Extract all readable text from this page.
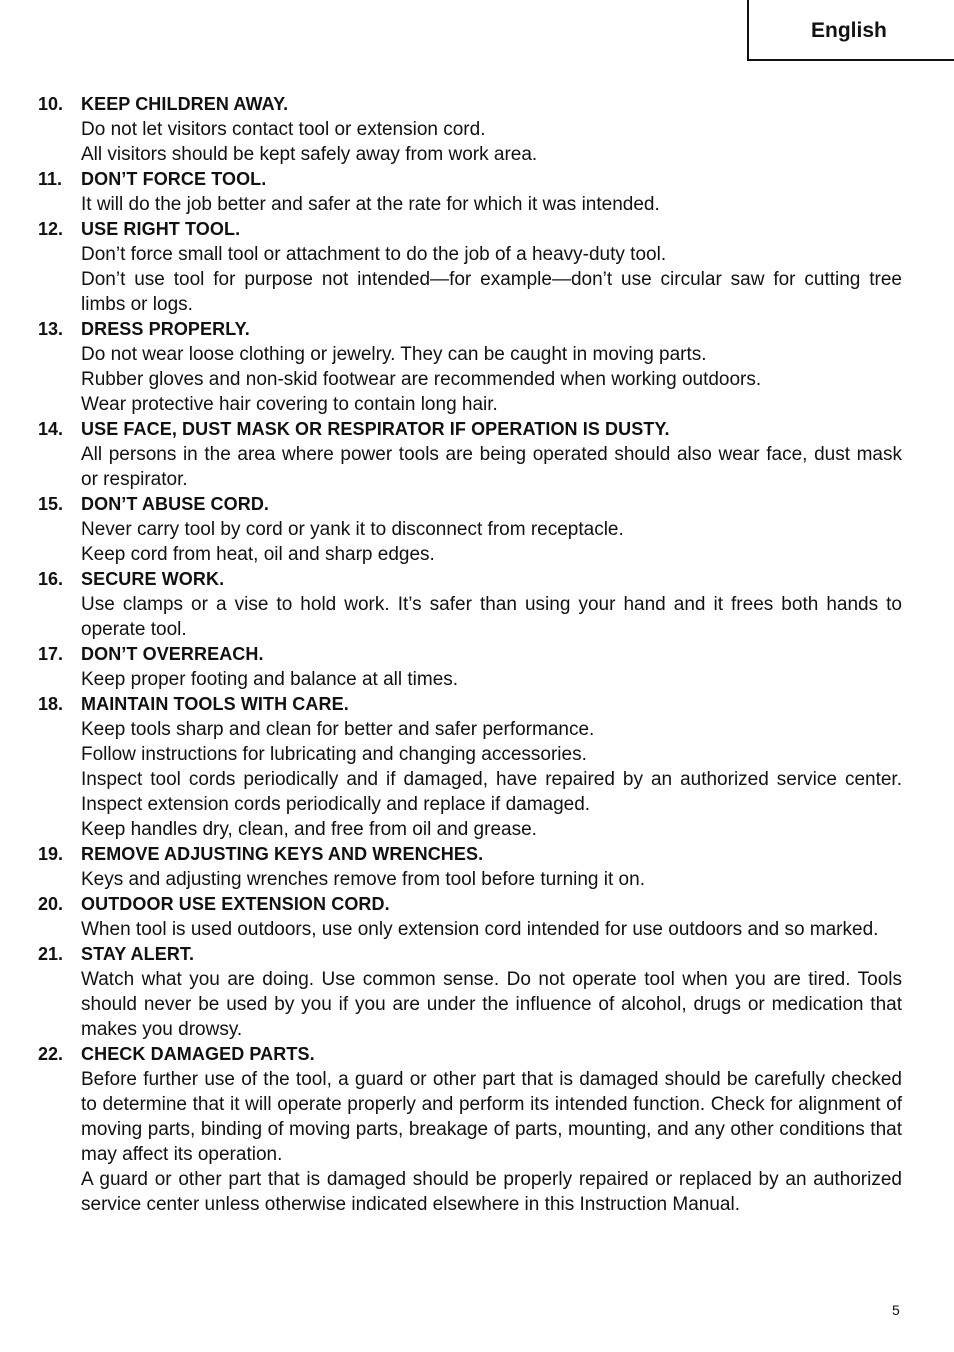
English
10. KEEP CHILDREN AWAY.

Do not let visitors contact tool or extension cord.

All visitors should be kept safely away from work area.

11. DON’T FORCE TOOL.

It will do the job better and safer at the rate for which it was intended.

12. USE RIGHT TOOL.

Don’t force small tool or attachment to do the job of a heavy-duty tool.

Don’t use tool for purpose not intended—for example—don’t use circular saw for cutting tree limbs or logs.

13. DRESS PROPERLY.

Do not wear loose clothing or jewelry. They can be caught in moving parts.

Rubber gloves and non-skid footwear are recommended when working outdoors.

Wear protective hair covering to contain long hair.

14. USE FACE, DUST MASK OR RESPIRATOR IF OPERATION IS DUSTY.

All persons in the area where power tools are being operated should also wear face, dust mask or respirator.

15. DON’T ABUSE CORD.

Never carry tool by cord or yank it to disconnect from receptacle.

Keep cord from heat, oil and sharp edges.

16. SECURE WORK.

Use clamps or a vise to hold work. It’s safer than using your hand and it frees both hands to operate tool.

17. DON’T OVERREACH.

Keep proper footing and balance at all times.

18. MAINTAIN TOOLS WITH CARE.

Keep tools sharp and clean for better and safer performance.

Follow instructions for lubricating and changing accessories.

Inspect tool cords periodically and if damaged, have repaired by an authorized service center. Inspect extension cords periodically and replace if damaged.

Keep handles dry, clean, and free from oil and grease.

19. REMOVE ADJUSTING KEYS AND WRENCHES.

Keys and adjusting wrenches remove from tool before turning it on.

20. OUTDOOR USE EXTENSION CORD.

When tool is used outdoors, use only extension cord intended for use outdoors and so marked.

21. STAY ALERT.

Watch what you are doing. Use common sense. Do not operate tool when you are tired. Tools should never be used by you if you are under the influence of alcohol, drugs or medication that makes you drowsy.

22. CHECK DAMAGED PARTS.

Before further use of the tool, a guard or other part that is damaged should be carefully checked to determine that it will operate properly and perform its intended function. Check for alignment of moving parts, binding of moving parts, breakage of parts, mounting, and any other conditions that may affect its operation.

A guard or other part that is damaged should be properly repaired or replaced by an authorized service center unless otherwise indicated elsewhere in this Instruction Manual.

5
